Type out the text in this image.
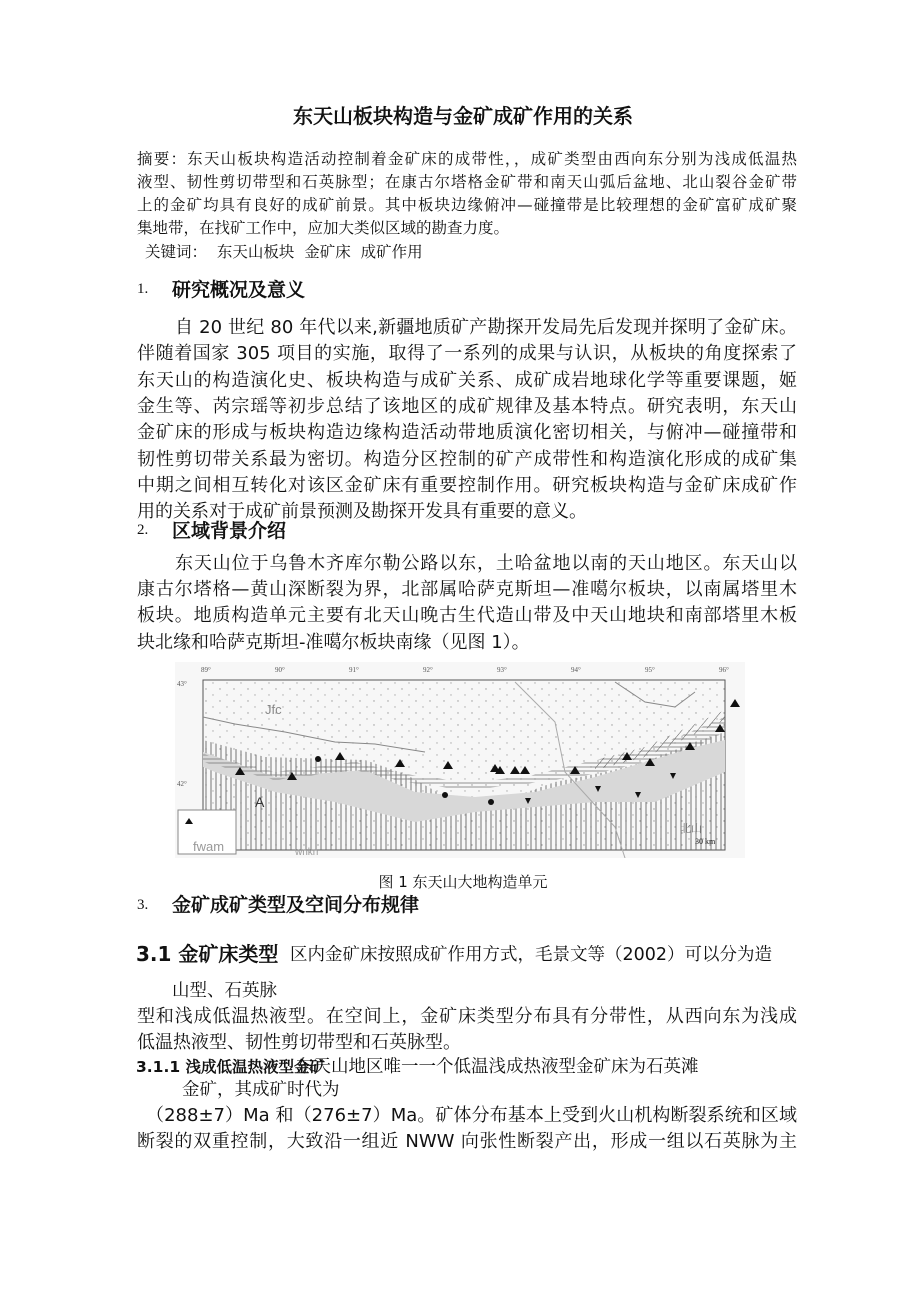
东天山板块构造与金矿成矿作用的关系
摘要：东天山板块构造活动控制着金矿床的成带性，，成矿类型由西向东分别为浅成低温热
液型、韧性剪切带型和石英脉型；在康古尔塔格金矿带和南天山弧后盆地、北山裂谷金矿带
上的金矿均具有良好的成矿前景。其中板块边缘俯冲—碰撞带是比较理想的金矿富矿成矿聚
集地带，在找矿工作中，应加大类似区域的勘查力度。
关键词：  东天山板块  金矿床  成矿作用
1. 研究概况及意义
自 20 世纪 80 年代以来,新疆地质矿产勘探开发局先后发现并探明了金矿床。
伴随着国家 305 项目的实施，取得了一系列的成果与认识，从板块的角度探索了
东天山的构造演化史、板块构造与成矿关系、成矿成岩地球化学等重要课题，姬
金生等、芮宗瑶等初步总结了该地区的成矿规律及基本特点。研究表明，东天山
金矿床的形成与板块构造边缘构造活动带地质演化密切相关，与俯冲—碰撞带和
韧性剪切带关系最为密切。构造分区控制的矿产成带性和构造演化形成的成矿集
中期之间相互转化对该区金矿床有重要控制作用。研究板块构造与金矿床成矿作
用的关系对于成矿前景预测及勘探开发具有重要的意义。
2. 区域背景介绍
东天山位于乌鲁木齐库尔勒公路以东，土哈盆地以南的天山地区。东天山以
康古尔塔格—黄山深断裂为界，北部属哈萨克斯坦—准噶尔板块，以南属塔里木
板块。地质构造单元主要有北天山晚古生代造山带及中天山地块和南部塔里木板
块北缘和哈萨克斯坦-准噶尔板块南缘（见图 1）。
Jfc
A
fwam	wnkn
30 km
北山
89°	90°	91°	92°	93°	94°	95°	96°
43°
42°
图 1 东天山大地构造单元
3. 金矿成矿类型及空间分布规律
3.1 金矿床类型 区内金矿床按照成矿作用方式，毛景文等（2002）可以分为造
山型、石英脉
型和浅成低温热液型。在空间上，金矿床类型分布具有分带性，从西向东为浅成
低温热液型、韧性剪切带型和石英脉型。
3.1.1 浅成低温热液型金矿
东天山地区唯一一个低温浅成热液型金矿床为石英滩
金矿，其成矿时代为
（288±7）Ma 和（276±7）Ma。矿体分布基本上受到火山机构断裂系统和区域
断裂的双重控制，大致沿一组近 NWW 向张性断裂产出，形成一组以石英脉为主
